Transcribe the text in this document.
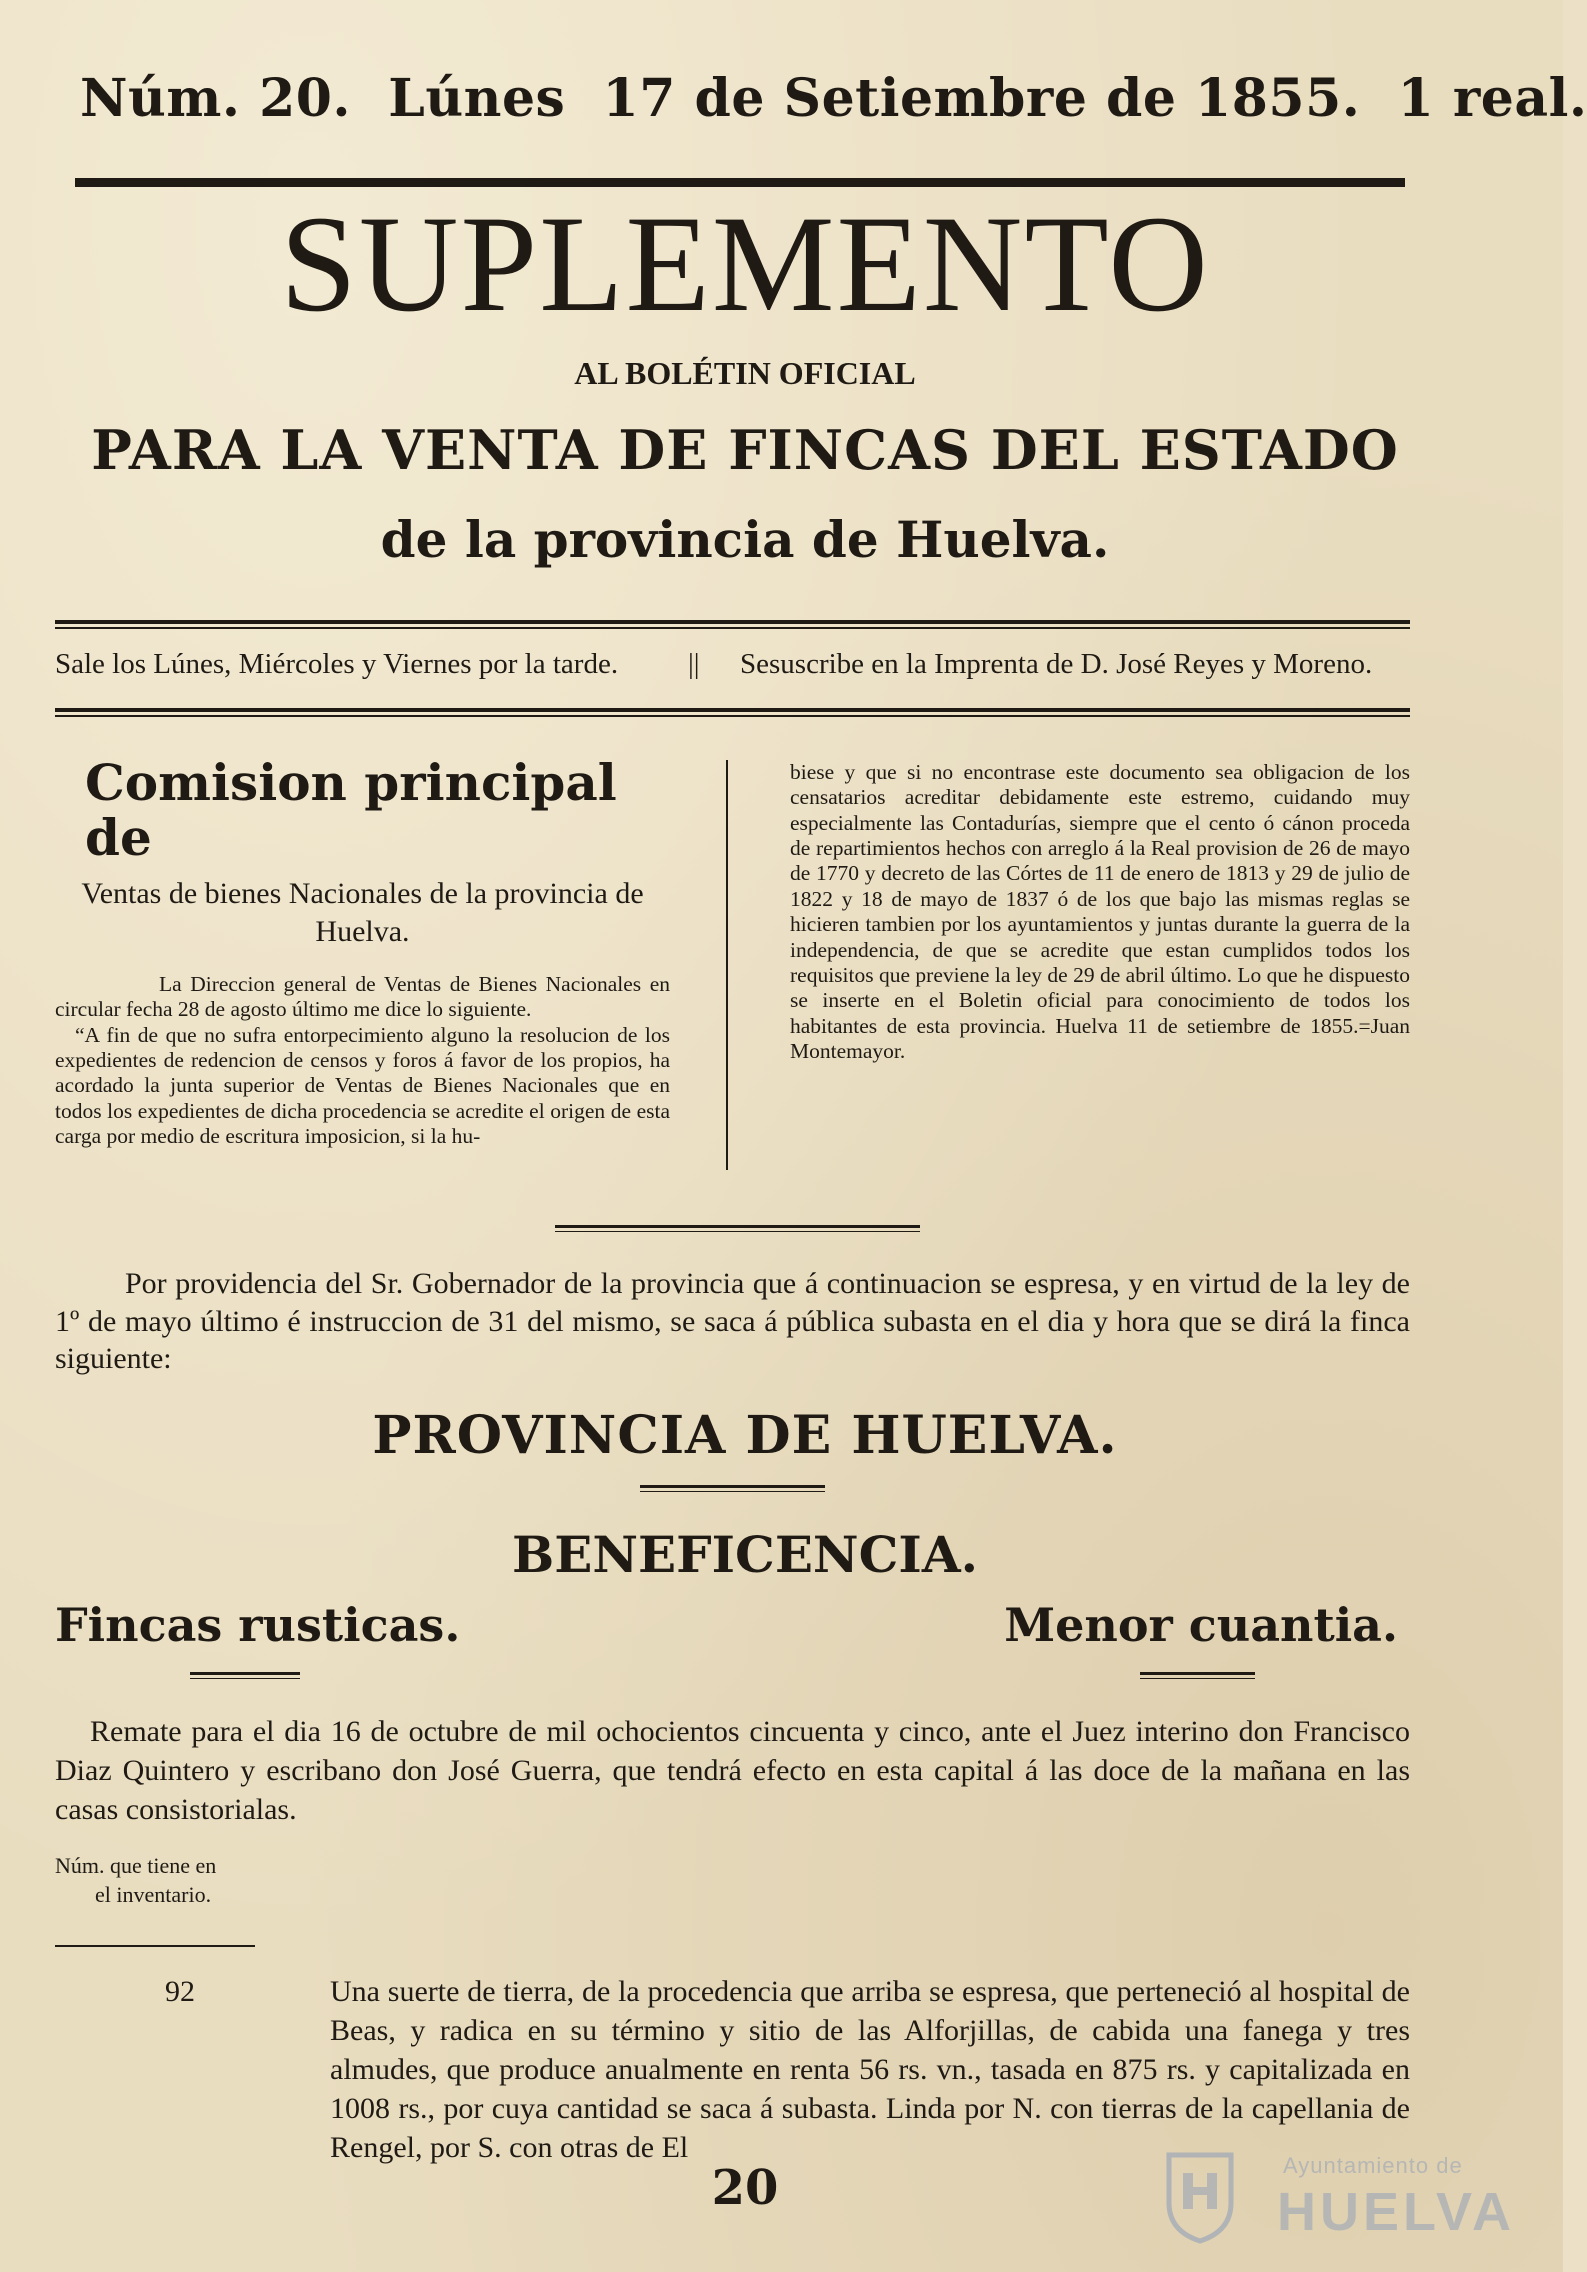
Núm. 20. Lúnes 17 de Setiembre de 1855. 1 real.
SUPLEMENTO
AL BOLÉTIN OFICIAL
PARA LA VENTA DE FINCAS DEL ESTADO
de la provincia de Huelva.
Sale los Lúnes, Miércoles y Viernes por la tarde.	|| Sesuscribe en la Imprenta de D. José Reyes y Moreno.
Comision principal de
Ventas de bienes Nacionales de la provincia de Huelva.

La Direccion general de Ventas de Bienes Nacionales en circular fecha 28 de agosto último me dice lo siguiente.

“A fin de que no sufra entorpecimiento alguno la resolucion de los expedientes de redencion de censos y foros á favor de los propios, ha acordado la junta superior de Ventas de Bienes Nacionales que en todos los expedientes de dicha procedencia se acredite el origen de esta carga por medio de escritura imposicion, si la hu-

biese y que si no encontrase este documento sea obligacion de los censatarios acreditar debidamente este estremo, cuidando muy especialmente las Contadurías, siempre que el cento ó cánon proceda de repartimientos hechos con arreglo á la Real provision de 26 de mayo de 1770 y decreto de las Córtes de 11 de enero de 1813 y 29 de julio de 1822 y 18 de mayo de 1837 ó de los que bajo las mismas reglas se hicieren tambien por los ayuntamientos y juntas durante la guerra de la independencia, de que se acredite que estan cumplidos todos los requisitos que previene la ley de 29 de abril último. Lo que he dispuesto se inserte en el Boletin oficial para conocimiento de todos los habitantes de esta provincia. Huelva 11 de setiembre de 1855.=Juan Montemayor.

Por providencia del Sr. Gobernador de la provincia que á continuacion se espresa, y en virtud de la ley de 1º de mayo último é instruccion de 31 del mismo, se saca á pública subasta en el dia y hora que se dirá la finca siguiente:
PROVINCIA DE HUELVA.
BENEFICENCIA.
Fincas rusticas.	Menor cuantia.
Remate para el dia 16 de octubre de mil ochocientos cincuenta y cinco, ante el Juez interino don Francisco Diaz Quintero y escribano don José Guerra, que tendrá efecto en esta capital á las doce de la mañana en las casas consistorialas.
Núm. que tiene en
el inventario.
92	Una suerte de tierra, de la procedencia que arriba se espresa, que perteneció al hospital de Beas, y radica en su término y sitio de las Alforjillas, de cabida una fanega y tres almudes, que produce anualmente en renta 56 rs. vn., tasada en 875 rs. y capitalizada en 1008 rs., por cuya cantidad se saca á subasta. Linda por N. con tierras de la capellania de Rengel, por S. con otras de El
20	Ayuntamiento de
HUELVA
